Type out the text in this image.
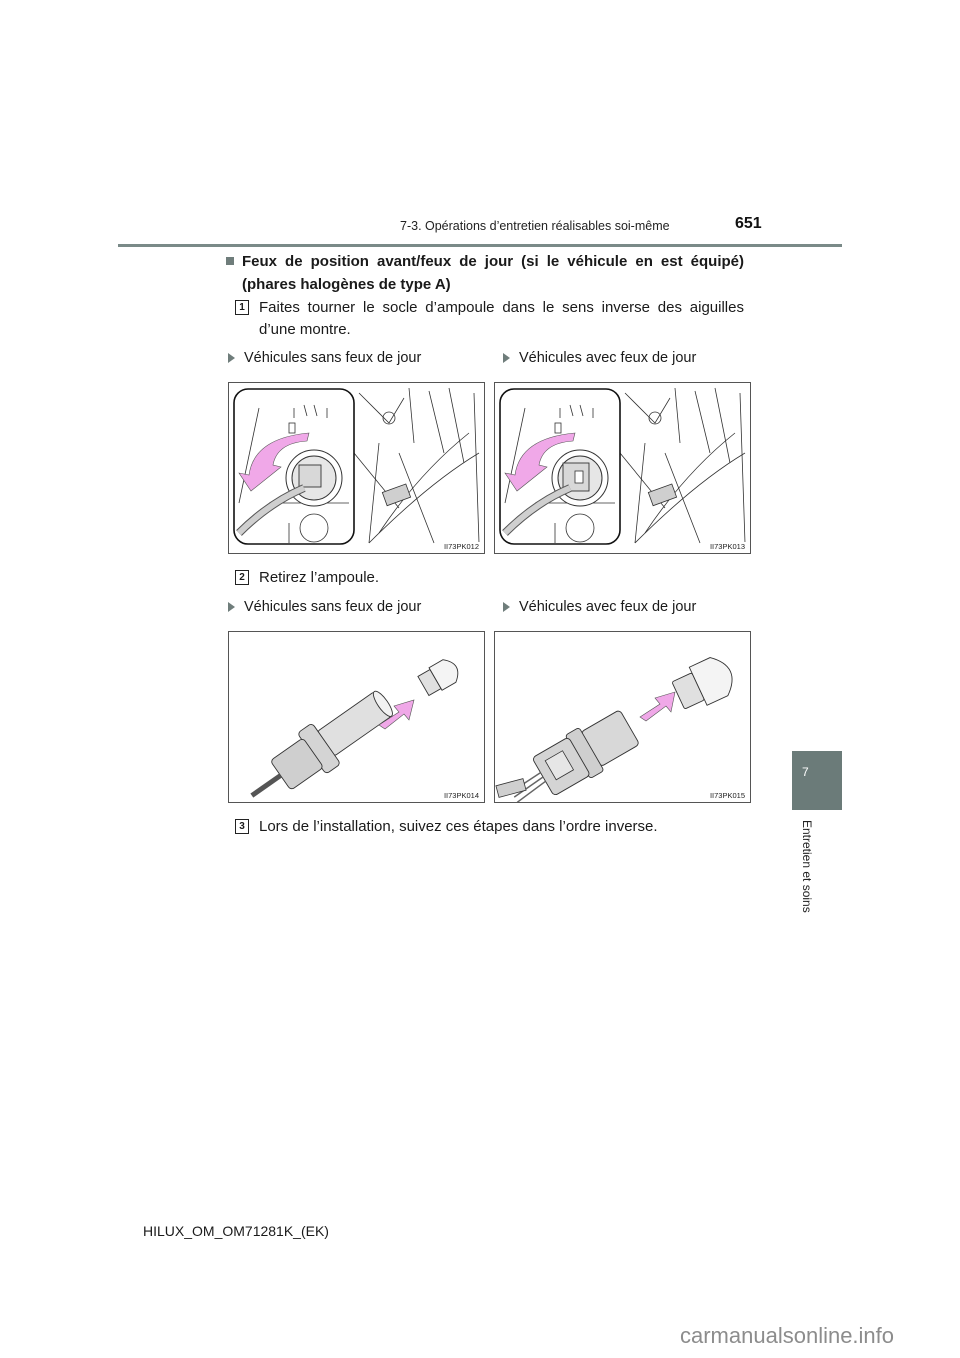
7-3. Opérations d’entretien réalisables soi-même	651
Feux de position avant/feux de jour (si le véhicule en est équipé)
(phares halogènes de type A)
1 Faites tourner le socle d’ampoule dans le sens inverse des aiguilles d’une montre.
Véhicules sans feux de jour	Véhicules avec feux de jour
II73PK012	II73PK013
2 Retirez l’ampoule.
Véhicules sans feux de jour	Véhicules avec feux de jour
II73PK014	II73PK015
3 Lors de l’installation, suivez ces étapes dans l’ordre inverse.
7
Entretien et soins
HILUX_OM_OM71281K_(EK)
carmanualsonline.info
